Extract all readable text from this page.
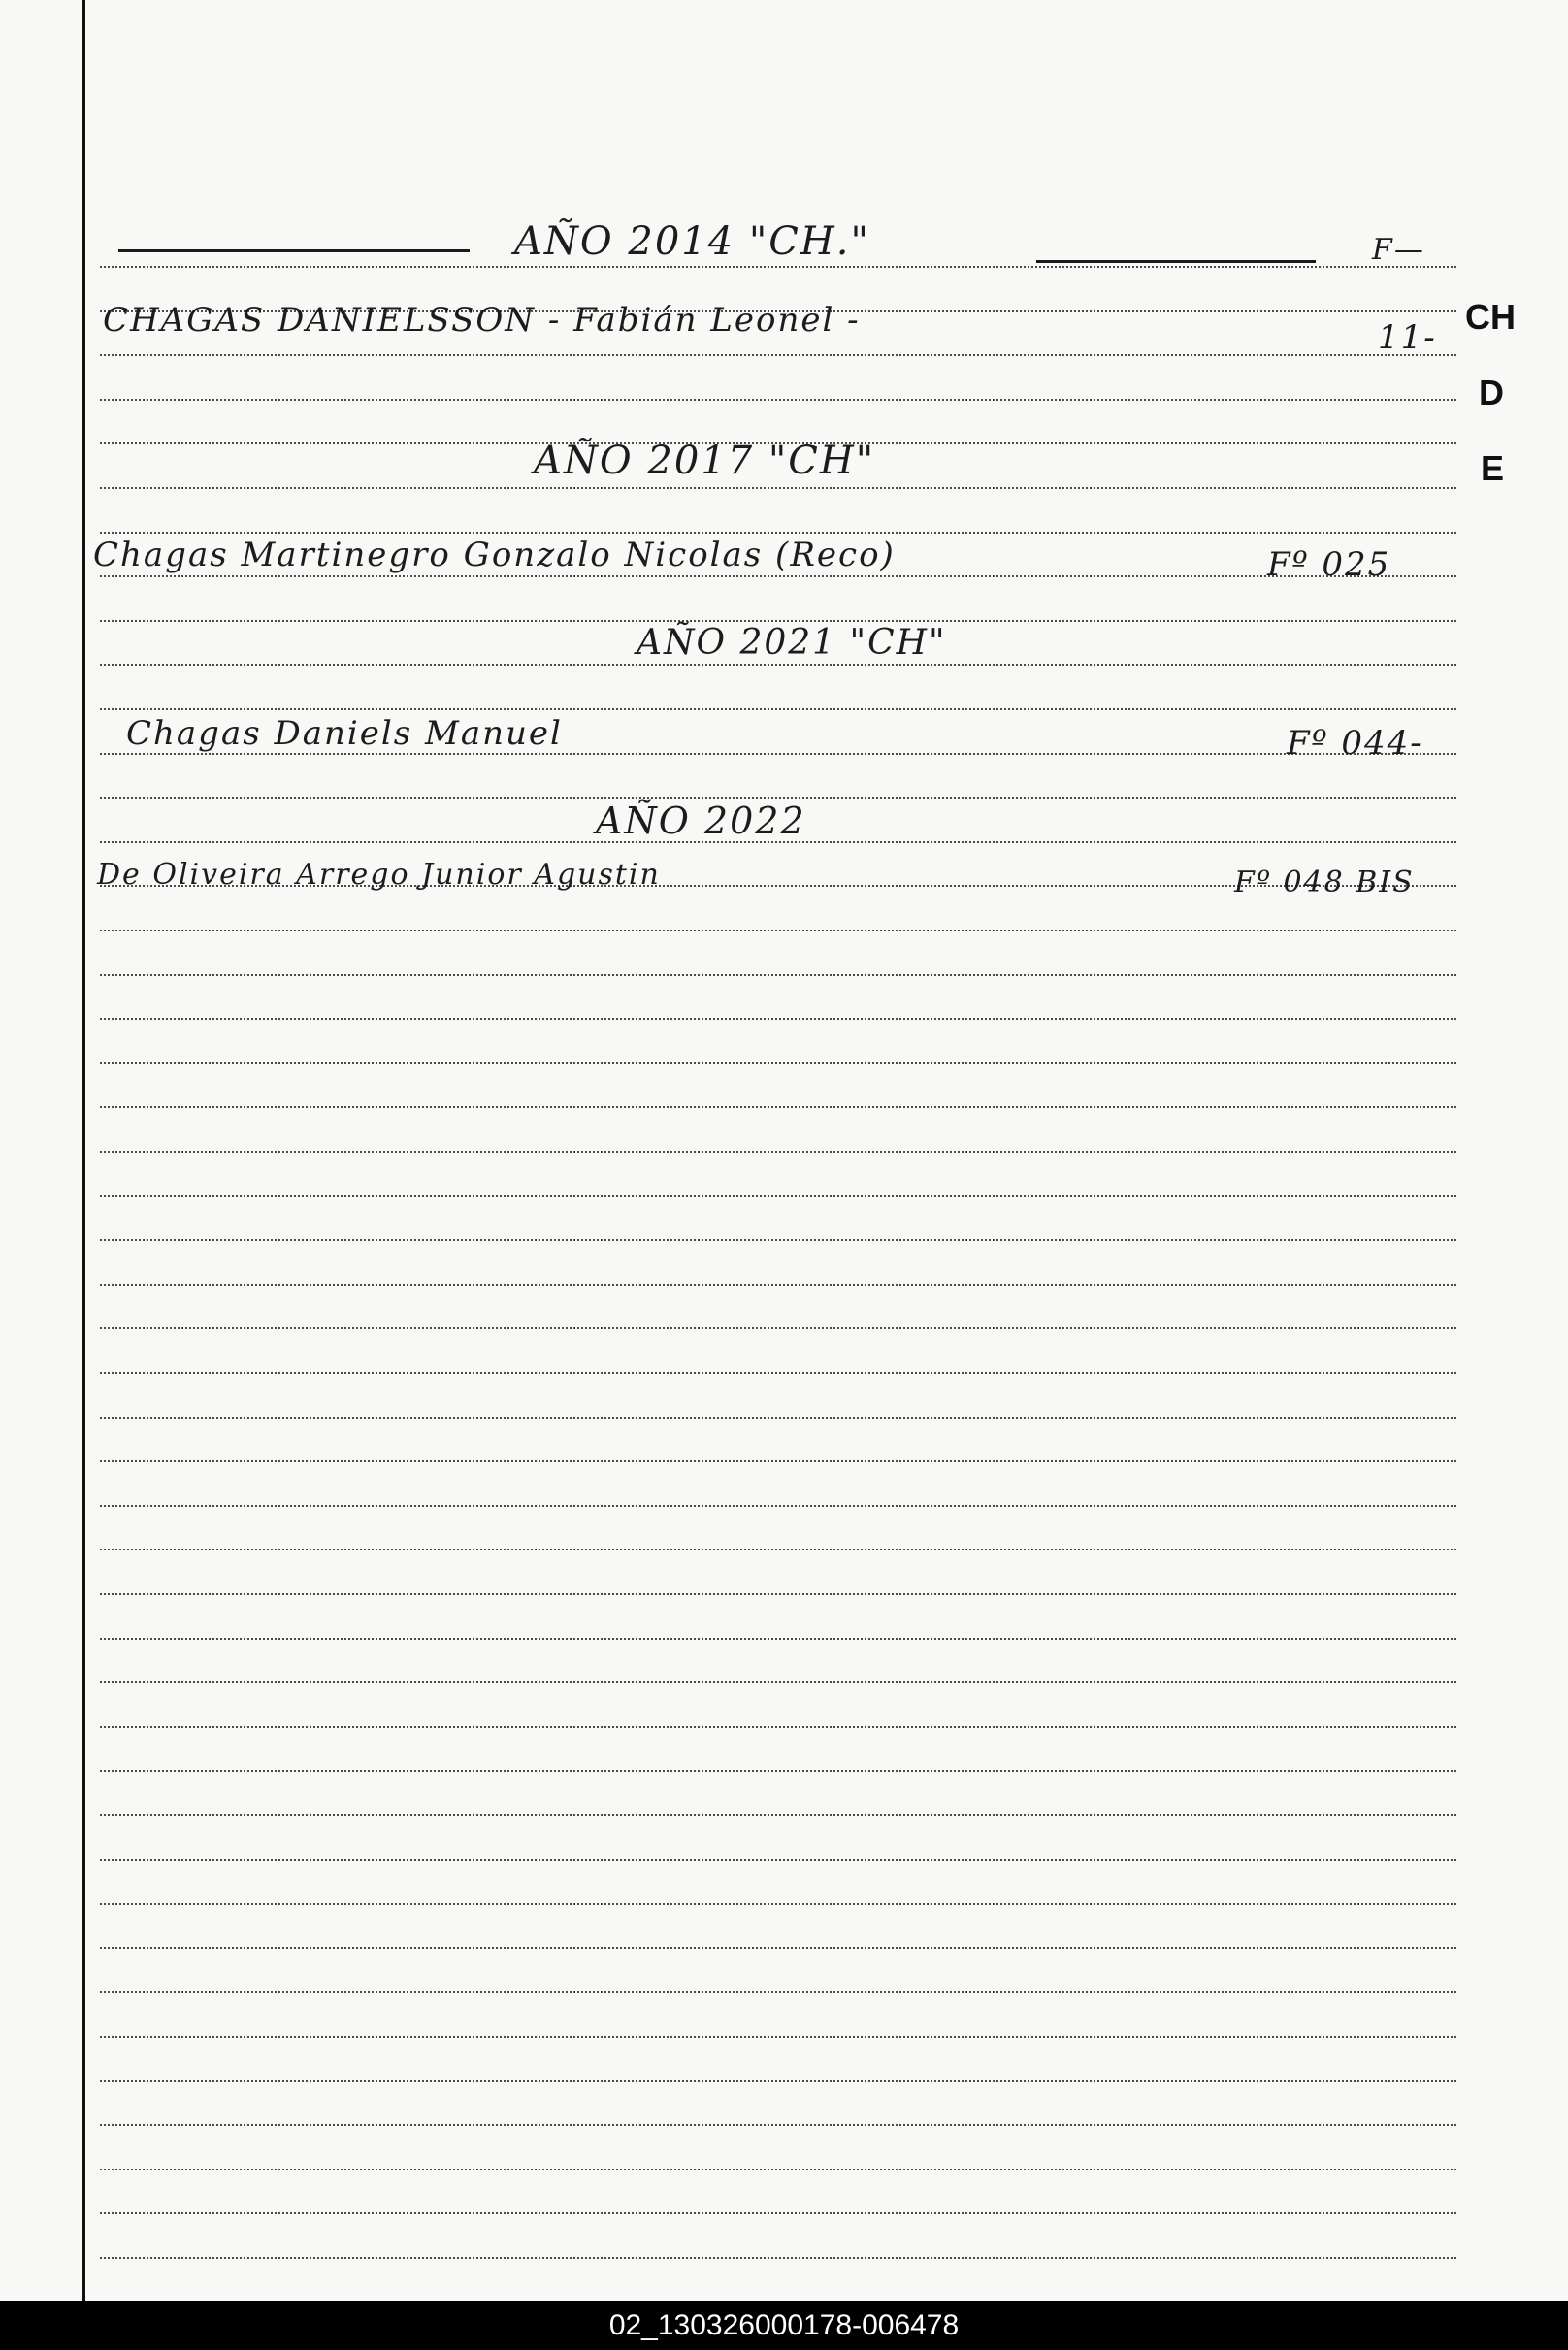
AÑO 2014 "CH."	F—
CHAGAS DANIELSSON - Fabián Leonel -	11-
AÑO 2017 "CH"
Chagas Martinegro Gonzalo Nicolas (Reco)	Fº 025
AÑO 2021 "CH"
Chagas Daniels Manuel	Fº 044-
AÑO 2022
De Oliveira Arrego Junior Agustin	Fº 048 BIS
CH
D
E
02_130326000178-006478
